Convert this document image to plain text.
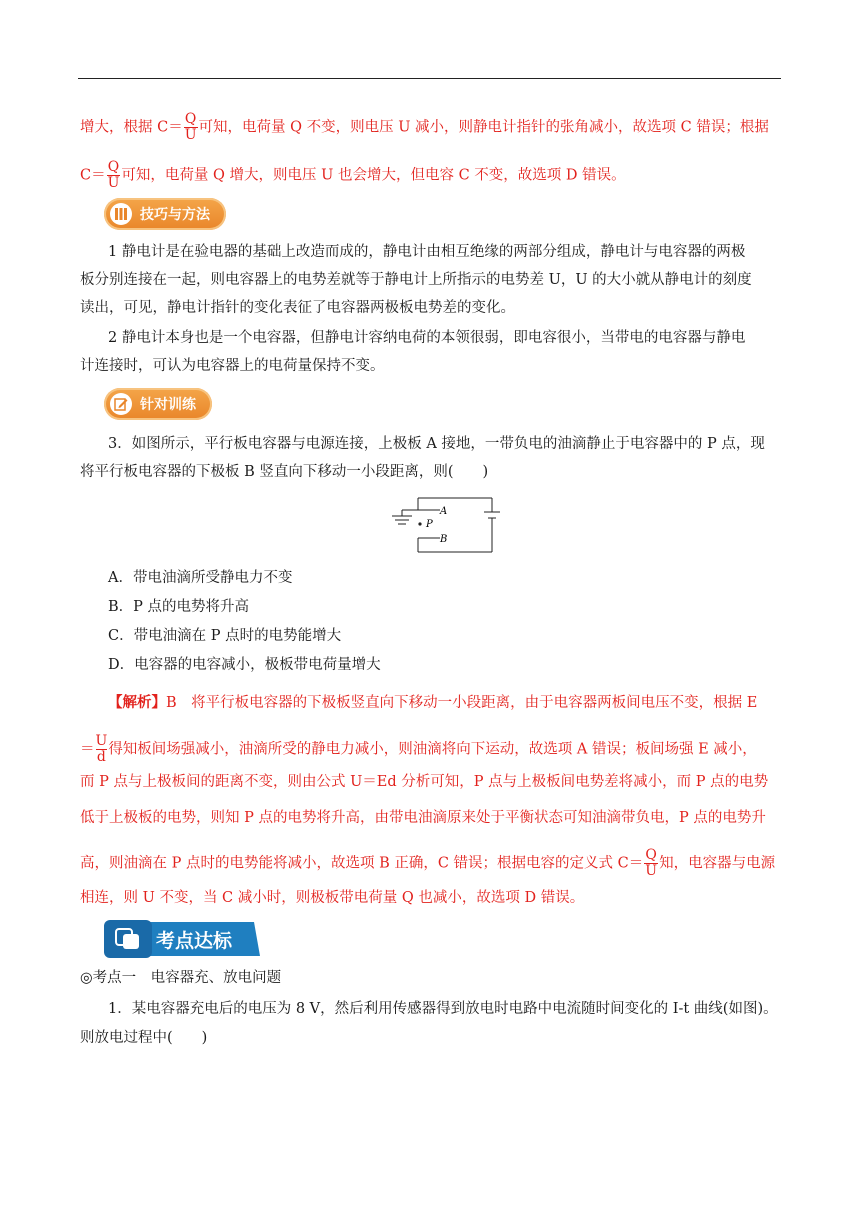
增大，根据 $C= \frac{Q}{U}$ 可知，电荷量 Q 不变，则电压 U 减小，则静电计指针的张角减小，故选项 C 错误；根据
$C= \frac{Q}{U}$ 可知，电荷量 Q 增大，则电压 U 也会增大，但电容 C 不变，故选项 D 错误。
技巧与方法
1 静电计是在验电器的基础上改造而成的，静电计由相互绝缘的两部分组成，静电计与电容器的两极
板分别连接在一起，则电容器上的电势差就等于静电计上所指示的电势差 U，U 的大小就从静电计的刻度
读出，可见，静电计指针的变化表征了电容器两极板电势差的变化。
2 静电计本身也是一个电容器，但静电计容纳电荷的本领很弱，即电容很小，当带电的电容器与静电
计连接时，可认为电容器上的电荷量保持不变。
针对训练
3．如图所示，平行板电容器与电源连接，上极板 A 接地，一带负电的油滴静止于电容器中的 P 点，现
将平行板电容器的下极板 B 竖直向下移动一小段距离，则(　　)
A
P
B
A．带电油滴所受静电力不变
B．P 点的电势将升高
C．带电油滴在 P 点时的电势能增大
D．电容器的电容减小，极板带电荷量增大
【解析】B　将平行板电容器的下极板竖直向下移动一小段距离，由于电容器两板间电压不变，根据 E
＝ $\frac{U}{d}$ 得知板间场强减小，油滴所受的静电力减小，则油滴将向下运动，故选项 A 错误；板间场强 E 减小，
而 P 点与上极板间的距离不变，则由公式 U＝Ed 分析可知，P 点与上极板间电势差将减小，而 P 点的电势
低于上极板的电势，则知 P 点的电势将升高，由带电油滴原来处于平衡状态可知油滴带负电，P 点的电势升
高，则油滴在 P 点时的电势能将减小，故选项 B 正确，C 错误；根据电容的定义式 $C= \frac{Q}{U}$ 知，电容器与电源
相连，则 U 不变，当 C 减小时，则极板带电荷量 Q 也减小，故选项 D 错误。
考点达标
◎考点一　电容器充、放电问题
1．某电容器充电后的电压为 8 V，然后利用传感器得到放电时电路中电流随时间变化的 I-t 曲线(如图)。
则放电过程中(　　)
